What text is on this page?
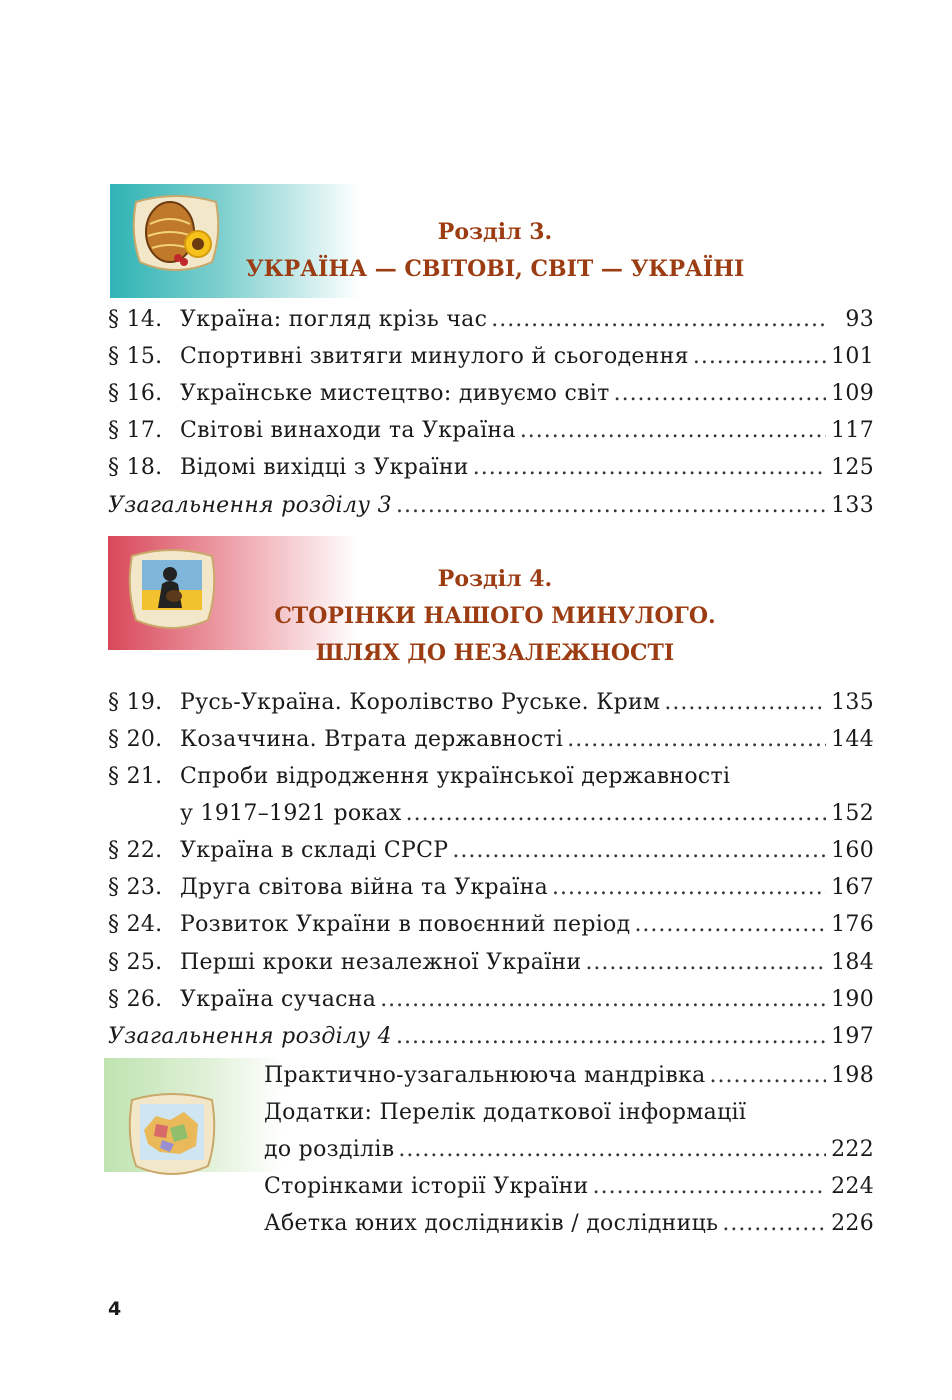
Розділ 3.
УКРАЇНА — СВІТОВІ, СВІТ — УКРАЇНІ
§ 14. Україна: погляд крізь час .....	93
§ 15. Спортивні звитяги минулого й сьогодення .....	101
§ 16. Українське мистецтво: дивуємо світ .....	109
§ 17. Світові винаходи та Україна .....	117
§ 18. Відомі вихідці з України .....	125
Узагальнення розділу 3 .....	133
Розділ 4.
СТОРІНКИ НАШОГО МИНУЛОГО.
ШЛЯХ ДО НЕЗАЛЕЖНОСТІ
§ 19. Русь-Україна. Королівство Руське. Крим .....	135
§ 20. Козаччина. Втрата державності .....	144
§ 21. Спроби відродження української державності
у 1917–1921 роках .....	152
§ 22. Україна в складі СРСР .....	160
§ 23. Друга світова війна та Україна .....	167
§ 24. Розвиток України в повоєнний період .....	176
§ 25. Перші кроки незалежної України .....	184
§ 26. Україна сучасна .....	190
Узагальнення розділу 4 .....	197
Практично-узагальнююча мандрівка .....	198
Додатки: Перелік додаткової інформації
до розділів .....	222
Сторінками історії України .....	224
Абетка юних дослідників / дослідниць .....	226
4
